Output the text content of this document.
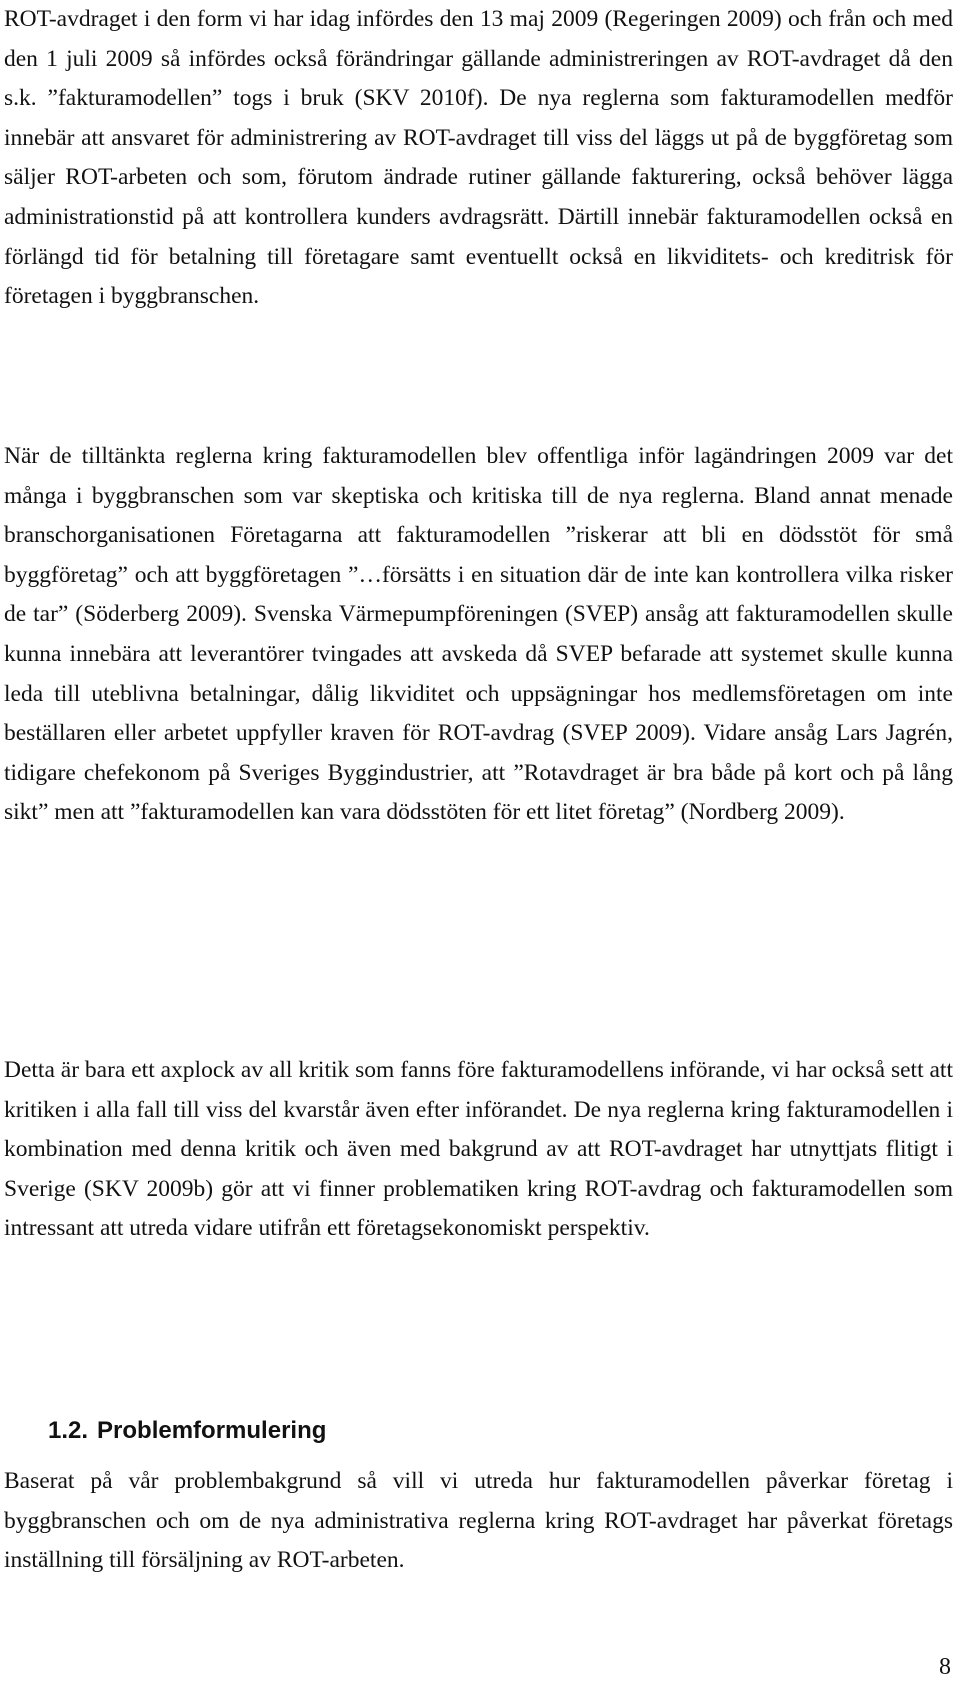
ROT-avdraget i den form vi har idag infördes den 13 maj 2009 (Regeringen 2009) och från och med den 1 juli 2009 så infördes också förändringar gällande administreringen av ROT-avdraget då den s.k. ”fakturamodellen” togs i bruk (SKV 2010f). De nya reglerna som fakturamodellen medför innebär att ansvaret för administrering av ROT-avdraget till viss del läggs ut på de byggföretag som säljer ROT-arbeten och som, förutom ändrade rutiner gällande fakturering, också behöver lägga administrationstid på att kontrollera kunders avdragsrätt. Därtill innebär fakturamodellen också en förlängd tid för betalning till företagare samt eventuellt också en likviditets- och kreditrisk för företagen i byggbranschen.

När de tilltänkta reglerna kring fakturamodellen blev offentliga inför lagändringen 2009 var det många i byggbranschen som var skeptiska och kritiska till de nya reglerna. Bland annat menade branschorganisationen Företagarna att fakturamodellen ”riskerar att bli en dödsstöt för små byggföretag” och att byggföretagen ”…försätts i en situation där de inte kan kontrollera vilka risker de tar” (Söderberg 2009). Svenska Värmepumpföreningen (SVEP) ansåg att fakturamodellen skulle kunna innebära att leverantörer tvingades att avskeda då SVEP befarade att systemet skulle kunna leda till uteblivna betalningar, dålig likviditet och uppsägningar hos medlemsföretagen om inte beställaren eller arbetet uppfyller kraven för ROT-avdrag (SVEP 2009). Vidare ansåg Lars Jagrén, tidigare chefekonom på Sveriges Byggindustrier, att ”Rotavdraget är bra både på kort och på lång sikt” men att ”fakturamodellen kan vara dödsstöten för ett litet företag” (Nordberg 2009).

Detta är bara ett axplock av all kritik som fanns före fakturamodellens införande, vi har också sett att kritiken i alla fall till viss del kvarstår även efter införandet. De nya reglerna kring fakturamodellen i kombination med denna kritik och även med bakgrund av att ROT-avdraget har utnyttjats flitigt i Sverige (SKV 2009b) gör att vi finner problematiken kring ROT-avdrag och fakturamodellen som intressant att utreda vidare utifrån ett företagsekonomiskt perspektiv.

1.2. Problemformulering

Baserat på vår problembakgrund så vill vi utreda hur fakturamodellen påverkar företag i byggbranschen och om de nya administrativa reglerna kring ROT-avdraget har påverkat företags inställning till försäljning av ROT-arbeten.

8
